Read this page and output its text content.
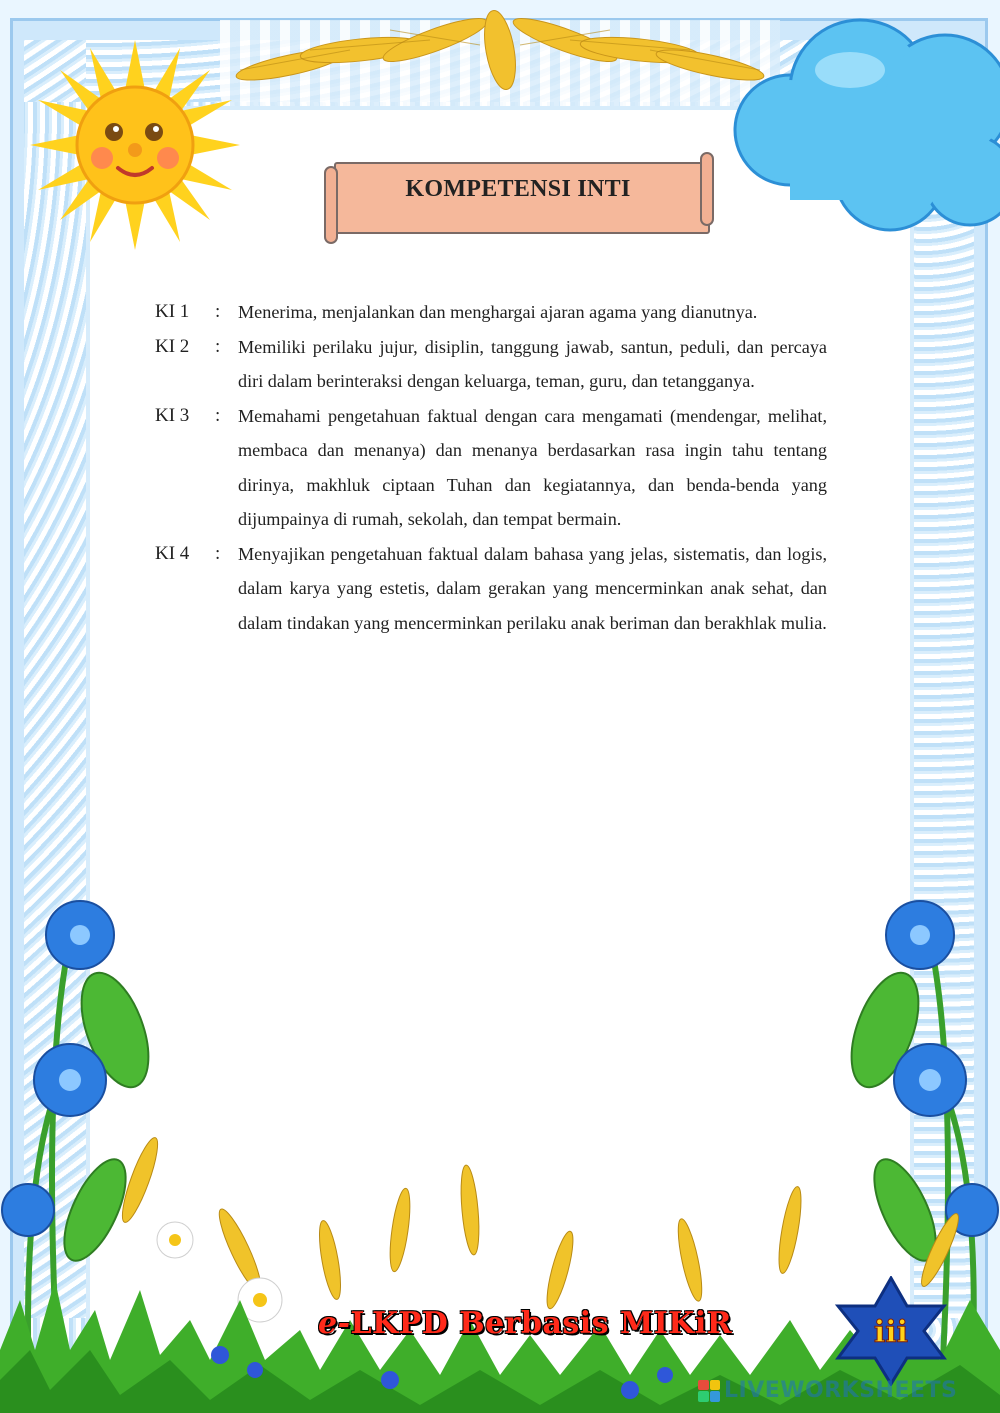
KOMPETENSI INTI
KI 1	: Menerima, menjalankan dan menghargai ajaran agama yang dianutnya.
KI 2	: Memiliki perilaku jujur, disiplin, tanggung jawab, santun, peduli, dan percaya diri dalam berinteraksi dengan keluarga, teman, guru, dan tetangganya.
KI 3	: Memahami pengetahuan faktual dengan cara mengamati (mendengar, melihat, membaca dan menanya) dan menanya berdasarkan rasa ingin tahu tentang dirinya, makhluk ciptaan Tuhan dan kegiatannya, dan benda-benda yang dijumpainya di rumah, sekolah, dan tempat bermain.
KI 4	: Menyajikan pengetahuan faktual dalam bahasa yang jelas, sistematis, dan logis, dalam karya yang estetis, dalam gerakan yang mencerminkan anak sehat, dan dalam tindakan yang mencerminkan perilaku anak beriman dan berakhlak mulia.
e-LKPD Berbasis MIKiR	iii
LIVEWORKSHEETS
